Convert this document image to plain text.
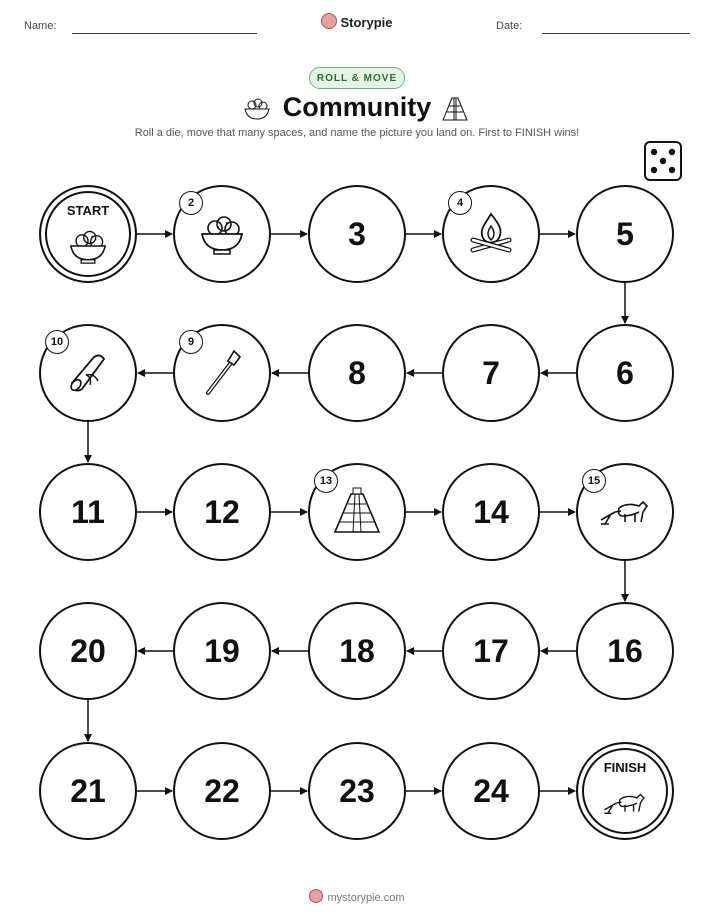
Name:	Storypie	Date:
ROLL & MOVE
Community
Roll a die, move that many spaces, and name the picture you land on. First to FINISH wins!
START	2
3
4
5
6
7
8
9
10
11	12
13
14
15
16
17
18
19
20
21	22	23	24
FINISH
mystorypie.com
